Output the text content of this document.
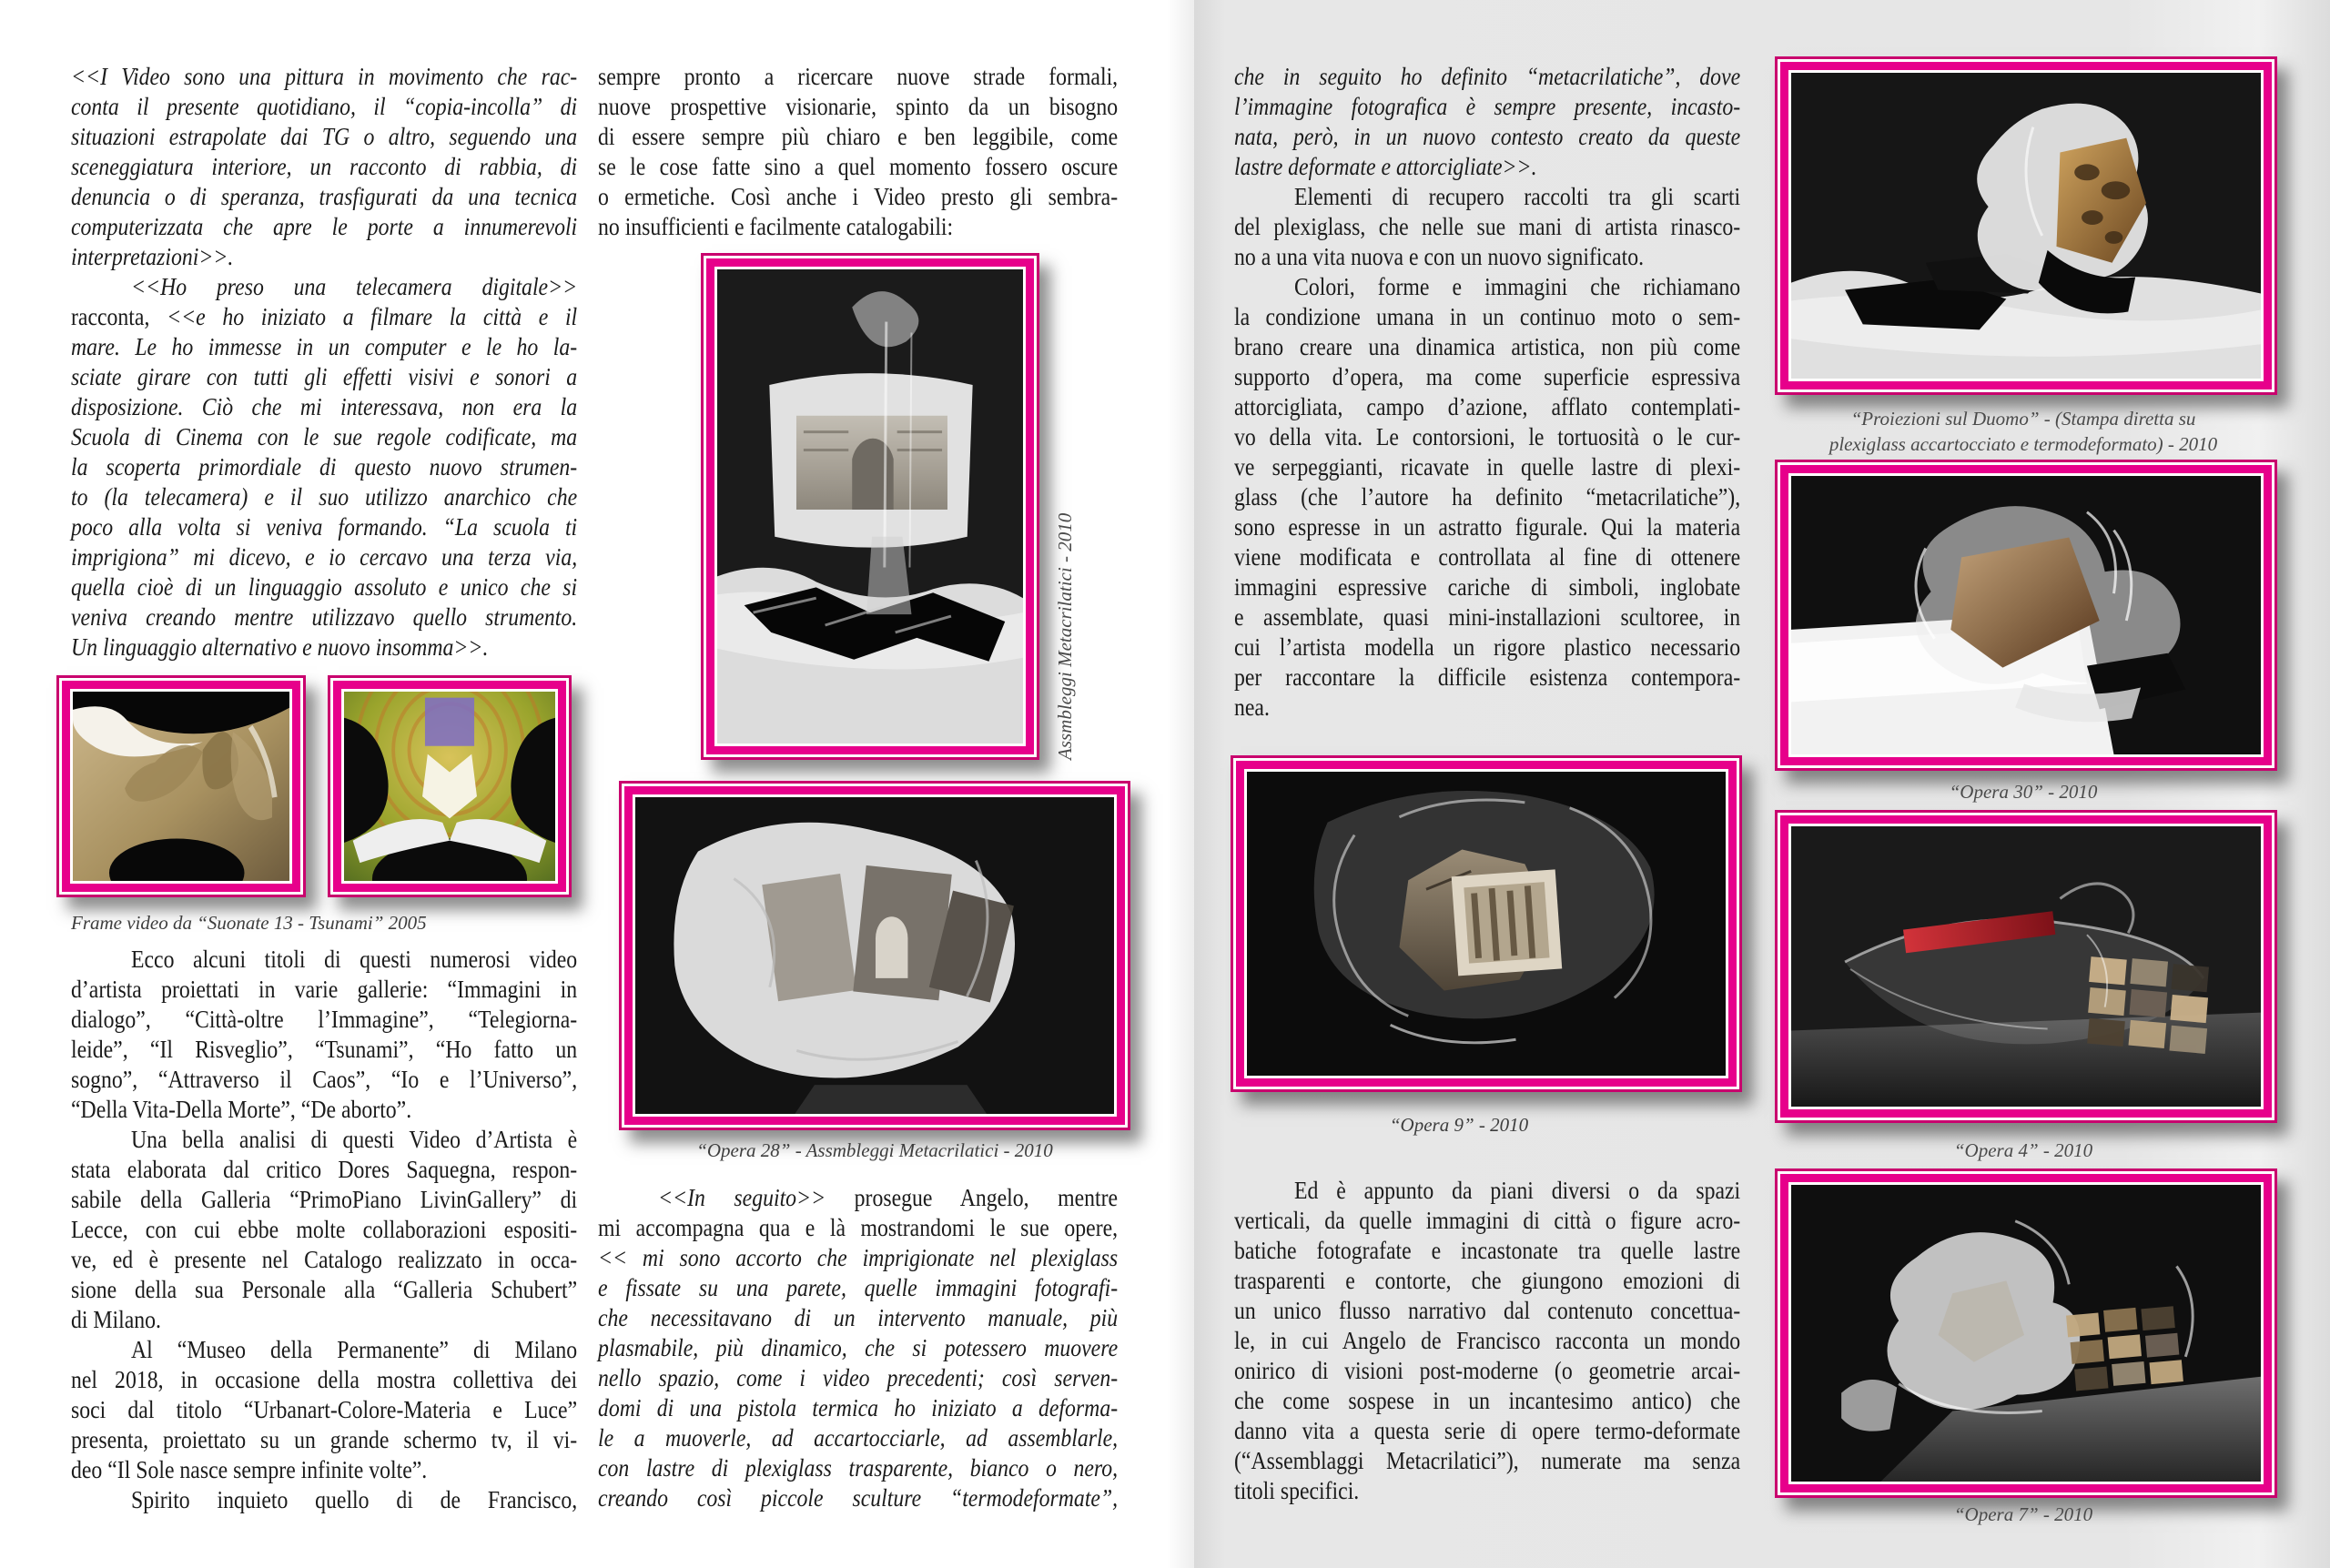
<<I Video sono una pittura in movimento che rac-
conta il presente quotidiano, il “copia-incolla” di
situazioni estrapolate dai TG o altro, seguendo una
sceneggiatura interiore, un racconto di rabbia, di
denuncia o di speranza, trasfigurati da una tecnica
computerizzata che apre le porte a innumerevoli
interpretazioni>>.
<<Ho preso una telecamera digitale>>
racconta, <<e ho iniziato a filmare la città e il
mare. Le ho immesse in un computer e le ho la-
sciate girare con tutti gli effetti visivi e sonori a
disposizione. Ciò che mi interessava, non era la
Scuola di Cinema con le sue regole codificate, ma
la scoperta primordiale di questo nuovo strumen-
to (la telecamera) e il suo utilizzo anarchico che
poco alla volta si veniva formando. “La scuola ti
imprigiona” mi dicevo, e io cercavo una terza via,
quella cioè di un linguaggio assoluto e unico che si
veniva creando mentre utilizzavo quello strumento.
Un linguaggio alternativo e nuovo insomma>>.
Ecco alcuni titoli di questi numerosi video
d’artista proiettati in varie gallerie: “Immagini in
dialogo”, “Città-oltre l’Immagine”, “Telegiorna-
leide”, “Il Risveglio”, “Tsunami”, “Ho fatto un
sogno”, “Attraverso il Caos”, “Io e l’Universo”,
“Della Vita-Della Morte”, “De aborto”.
Una bella analisi di questi Video d’Artista è
stata elaborata dal critico Dores Saquegna, respon-
sabile della Galleria “PrimoPiano LivinGallery” di
Lecce, con cui ebbe molte collaborazioni espositi-
ve, ed è presente nel Catalogo realizzato in occa-
sione della sua Personale alla “Galleria Schubert”
di Milano.
Al “Museo della Permanente” di Milano
nel 2018, in occasione della mostra collettiva dei
soci dal titolo “Urbanart-Colore-Materia e Luce”
presenta, proiettato su un grande schermo tv, il vi-
deo “Il Sole nasce sempre infinite volte”.
Spirito inquieto quello di de Francisco,
sempre pronto a ricercare nuove strade formali,
nuove prospettive visionarie, spinto da un bisogno
di essere sempre più chiaro e ben leggibile, come
se le cose fatte sino a quel momento fossero oscure
o ermetiche. Così anche i Video presto gli sembra-
no insufficienti e facilmente catalogabili:
<<In seguito>> prosegue Angelo, mentre
mi accompagna qua e là mostrandomi le sue opere,
<< mi sono accorto che imprigionate nel plexiglass
e fissate su una parete, quelle immagini fotografi-
che necessitavano di un intervento manuale, più
plasmabile, più dinamico, che si potessero muovere
nello spazio, come i video precedenti; così serven-
domi di una pistola termica ho iniziato a deforma-
le a muoverle, ad accartocciarle, ad assemblarle,
con lastre di plexiglass trasparente, bianco o nero,
creando così piccole sculture “termodeformate”,
che in seguito ho definito “metacrilatiche”, dove
l’immagine fotografica è sempre presente, incasto-
nata, però, in un nuovo contesto creato da queste
lastre deformate e attorcigliate>>.
Elementi di recupero raccolti tra gli scarti
del plexiglass, che nelle sue mani di artista rinasco-
no a una vita nuova e con un nuovo significato.
Colori, forme e immagini che richiamano
la condizione umana in un continuo moto o sem-
brano creare una dinamica artistica, non più come
supporto d’opera, ma come superficie espressiva
attorcigliata, campo d’azione, afflato contemplati-
vo della vita. Le contorsioni, le tortuosità o le cur-
ve serpeggianti, ricavate in quelle lastre di plexi-
glass (che l’autore ha definito “metacrilatiche”),
sono espresse in un astratto figurale. Qui la materia
viene modificata e controllata al fine di ottenere
immagini espressive cariche di simboli, inglobate
e assemblate, quasi mini-installazioni scultoree, in
cui l’artista modella un rigore plastico necessario
per raccontare la difficile esistenza contempora-
nea.
Ed è appunto da piani diversi o da spazi
verticali, da quelle immagini di città o figure acro-
batiche fotografate e incastonate tra quelle lastre
trasparenti e contorte, che giungono emozioni di
un unico flusso narrativo dal contenuto concettua-
le, in cui Angelo de Francisco racconta un mondo
onirico di visioni post-moderne (o geometrie arcai-
che come sospese in un incantesimo antico) che
danno vita a questa serie di opere termo-deformate
(“Assemblaggi Metacrilatici”), numerate ma senza
titoli specifici.
Frame video da “Suonate 13 - Tsunami” 2005
Assmbleggi Metacrilatici - 2010
“Opera 28” - Assmbleggi Metacrilatici - 2010
“Opera 9” - 2010
“Proiezioni sul Duomo” - (Stampa diretta su
plexiglass accartocciato e termodeformato) - 2010
“Opera 30” - 2010
“Opera 4” - 2010
“Opera 7” - 2010
